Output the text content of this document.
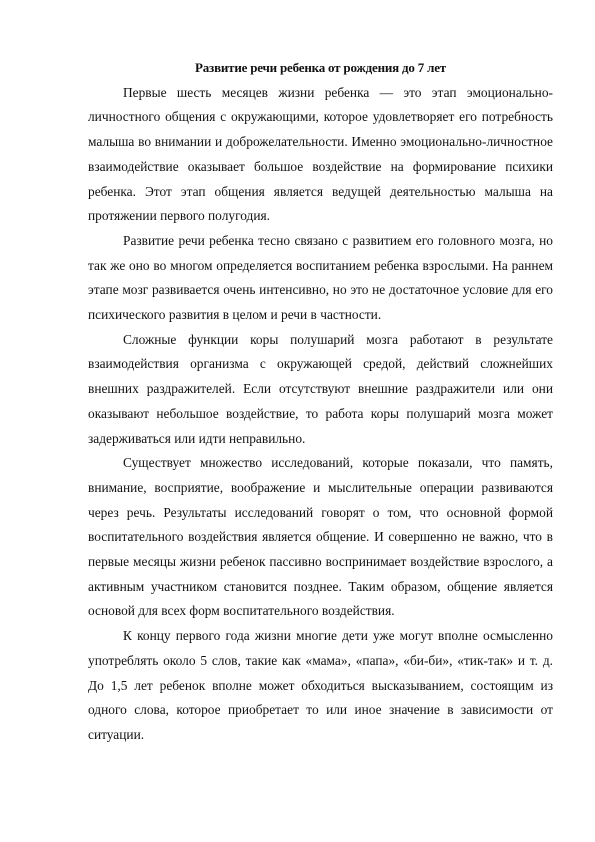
Развитие речи ребенка от рождения до 7 лет

Первые шесть месяцев жизни ребенка — это этап эмоционально-личностного общения с окружающими, которое удовлетворяет его потребность малыша во внимании и доброжелательности. Именно эмоционально-личностное взаимодействие оказывает большое воздействие на формирование психики ребенка. Этот этап общения является ведущей деятельностью малыша на протяжении первого полугодия.

Развитие речи ребенка тесно связано с развитием его головного мозга, но так же оно во многом определяется воспитанием ребенка взрослыми. На раннем этапе мозг развивается очень интенсивно, но это не достаточное условие для его психического развития в целом и речи в частности.

Сложные функции коры полушарий мозга работают в результате взаимодействия организма с окружающей средой, действий сложнейших внешних раздражителей. Если отсутствуют внешние раздражители или они оказывают небольшое воздействие, то работа коры полушарий мозга может задерживаться или идти неправильно.

Существует множество исследований, которые показали, что память, внимание, восприятие, воображение и мыслительные операции развиваются через речь. Результаты исследований говорят о том, что основной формой воспитательного воздействия является общение. И совершенно не важно, что в первые месяцы жизни ребенок пассивно воспринимает воздействие взрослого, а активным участником становится позднее. Таким образом, общение является основой для всех форм воспитательного воздействия.

К концу первого года жизни многие дети уже могут вполне осмысленно употреблять около 5 слов, такие как «мама», «папа», «би-би», «тик-так» и т. д. До 1,5 лет ребенок вполне может обходиться высказыванием, состоящим из одного слова, которое приобретает то или иное значение в зависимости от ситуации.
